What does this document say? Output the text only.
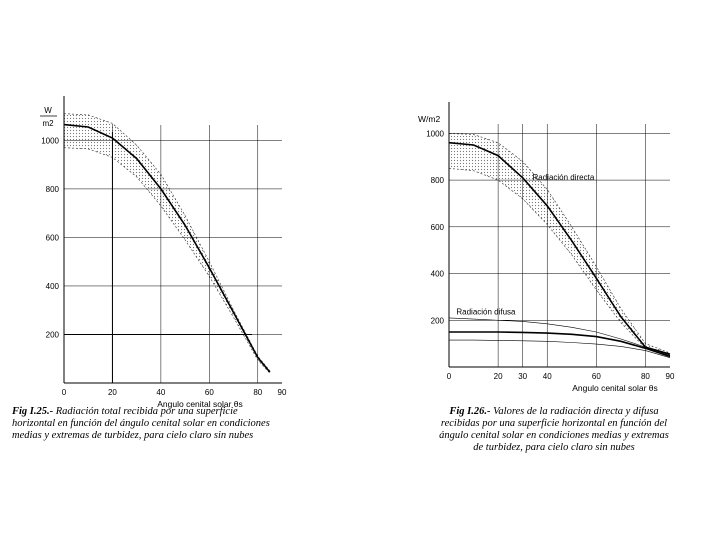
0	20	40	60	80 90
200
400
600
800
1000
Angulo cenital solar θs
W
m2
0	20 30 40	60	80 90
200
400
600
800
1000
Angulo cenital solar θs
W/m2
Radiación directa
Radiación difusa
Fig I.25.- Radiación total recibida por una superficie
horizontal en función del ángulo cenital solar en condiciones
medias y extremas de turbidez, para cielo claro sin nubes
Fig I.26.- Valores de la radiación directa y difusa
recibidas por una superficie horizontal en función del
ángulo cenital solar en condiciones medias y extremas
de turbidez, para cielo claro sin nubes
